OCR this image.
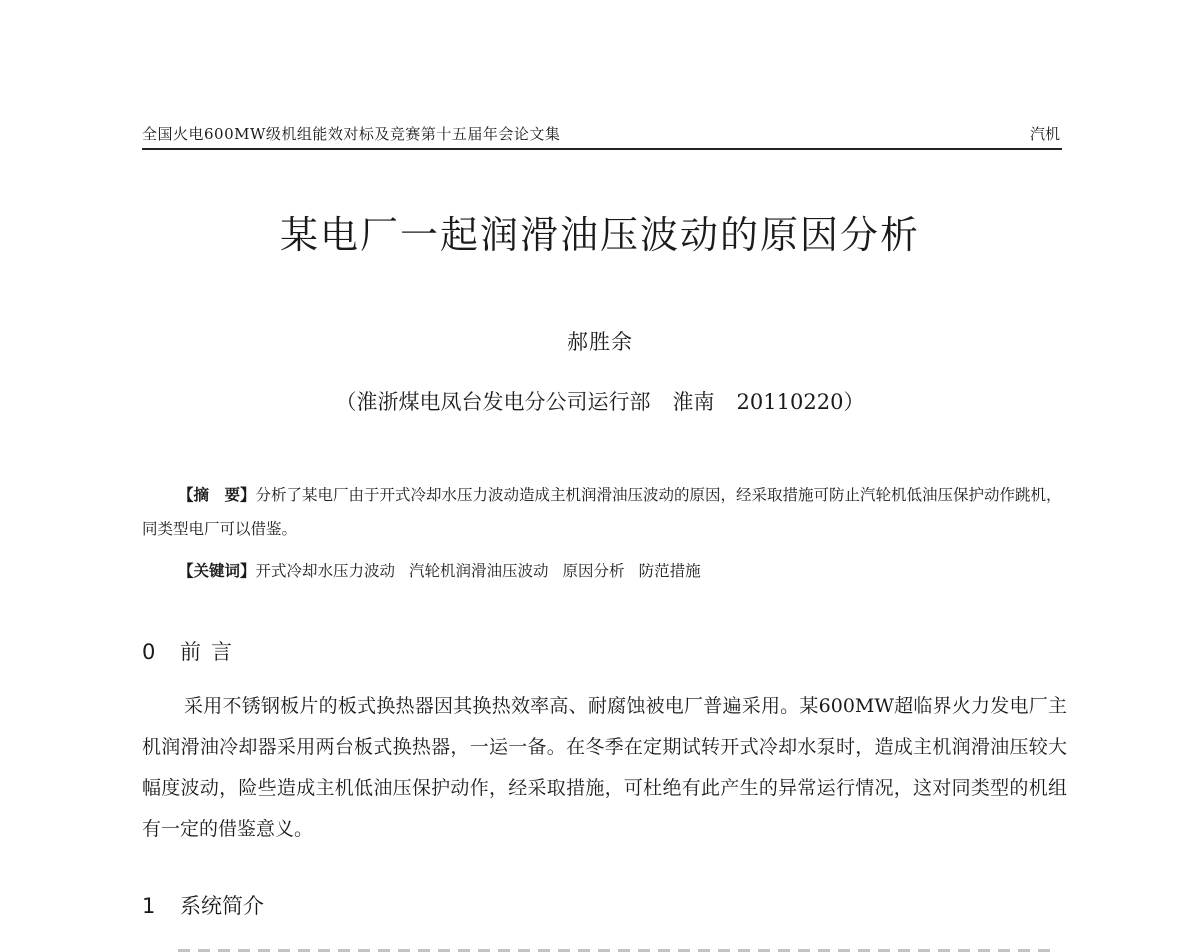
全国火电600MW级机组能效对标及竞赛第十五届年会论文集	汽机
某电厂一起润滑油压波动的原因分析
郝胜余
（淮浙煤电凤台发电分公司运行部 淮南 20110220）
【摘　要】分析了某电厂由于开式冷却水压力波动造成主机润滑油压波动的原因，经采取措施可防止汽轮机低油压保护动作跳机，同类型电厂可以借鉴。
【关键词】开式冷却水压力波动 汽轮机润滑油压波动 原因分析 防范措施
0 前言
采用不锈钢板片的板式换热器因其换热效率高、耐腐蚀被电厂普遍采用。某600MW超临界火力发电厂主机润滑油冷却器采用两台板式换热器，一运一备。在冬季在定期试转开式冷却水泵时，造成主机润滑油压较大幅度波动，险些造成主机低油压保护动作，经采取措施，可杜绝有此产生的异常运行情况，这对同类型的机组有一定的借鉴意义。
1 系统简介
